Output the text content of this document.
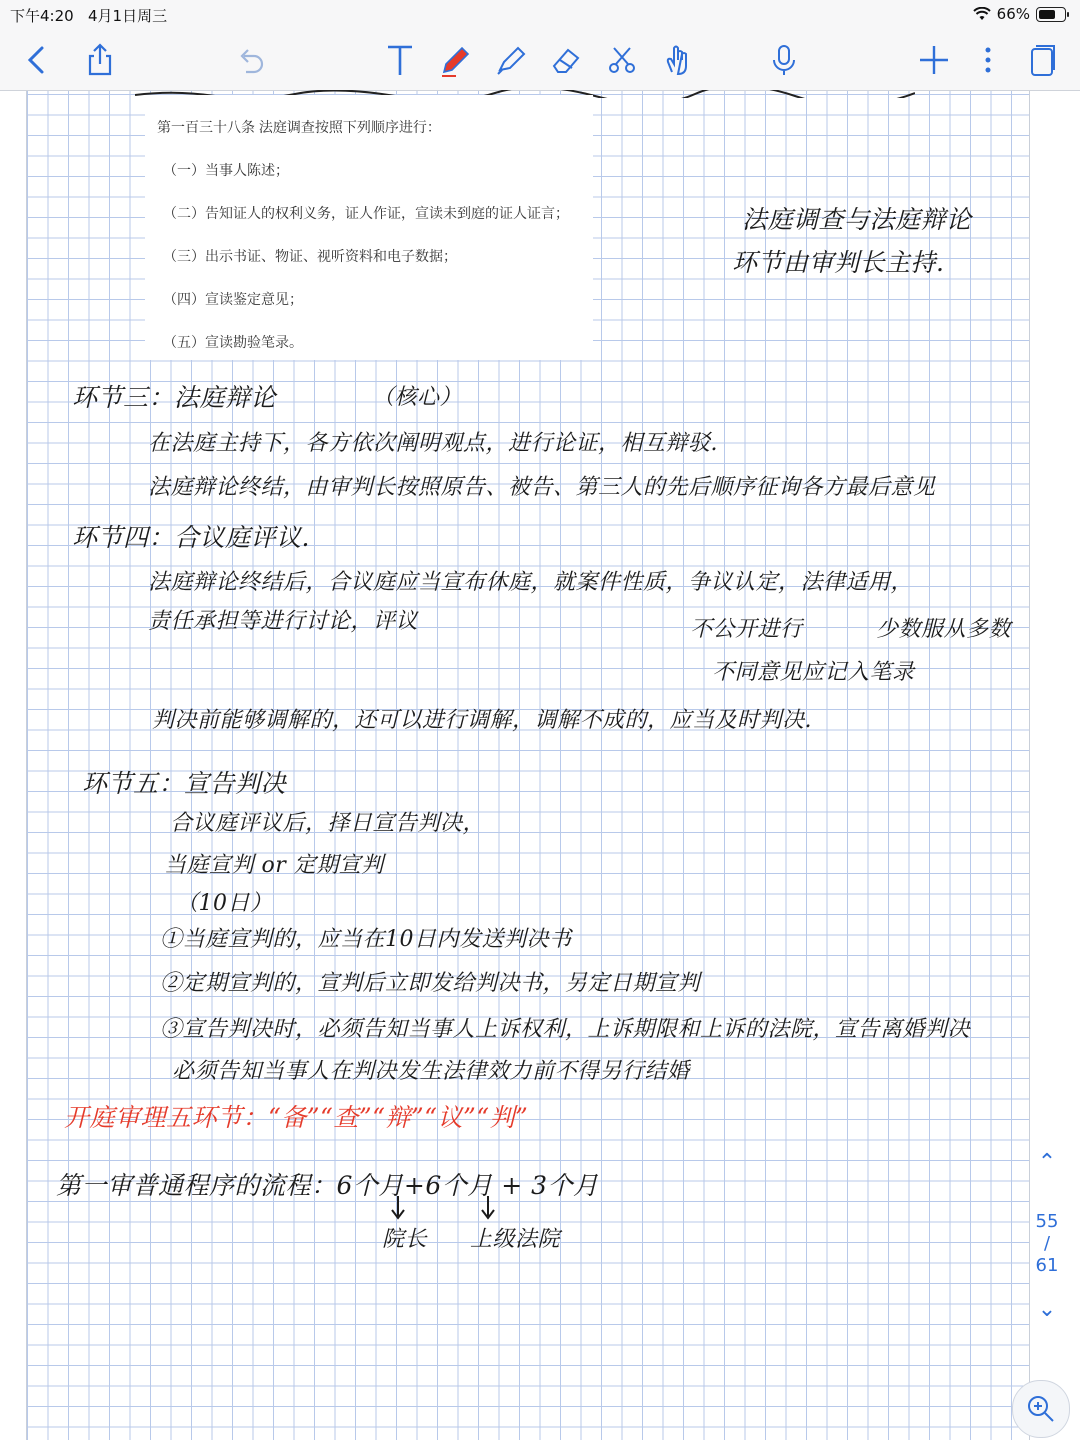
下午4:20 4月1日周三	66%

第一百三十八条 法庭调查按照下列顺序进行：

（一）当事人陈述；

（二）告知证人的权利义务，证人作证，宣读未到庭的证人证言；

（三）出示书证、物证、视听资料和电子数据；

（四）宣读鉴定意见；

（五）宣读勘验笔录。

法庭调查与法庭辩论
环节由审判长主持.
环节三：法庭辩论	（核心）
在法庭主持下，各方依次阐明观点，进行论证，相互辩驳.
法庭辩论终结，由审判长按照原告、被告、第三人的先后顺序征询各方最后意见
环节四：合议庭评议.
法庭辩论终结后，合议庭应当宣布休庭，就案件性质，争议认定，法律适用，
责任承担等进行讨论，评议	不公开进行	少数服从多数
不同意见应记入笔录
判决前能够调解的，还可以进行调解，调解不成的，应当及时判决.
环节五：宣告判决
合议庭评议后，择日宣告判决，
当庭宣判 or 定期宣判
（10日）
①当庭宣判的，应当在10日内发送判决书
②定期宣判的，宣判后立即发给判决书，另定日期宣判
③宣告判决时，必须告知当事人上诉权利，上诉期限和上诉的法院，宣告离婚判决
必须告知当事人在判决发生法律效力前不得另行结婚
开庭审理五环节：“备”“查”“辩”“议”“判”
第一审普通程序的流程：6个月+6个月 + 3个月
院长 上级法院
⌃
55
/
61
⌄
